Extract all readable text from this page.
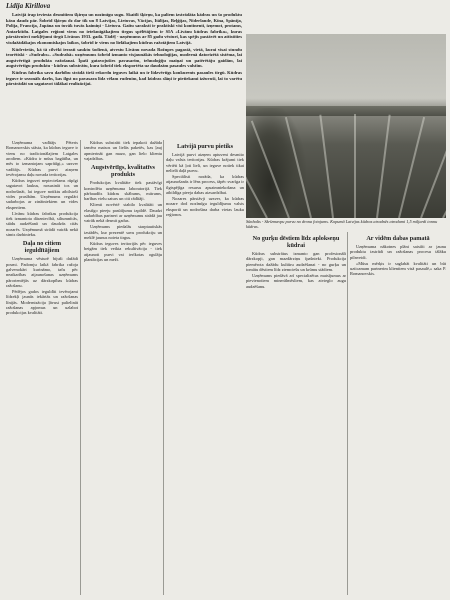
Lidija Kirillova

Latvijā irap ieviesta desmitiem šķirņu un nozīmīgu sugu. Skaitlī šķirņu, ka paliem izstrādāta kādras un šo produktu kāsu daudz pār. Šobrīd šķirņu dz dar tik un 8 Latvijas, Lietuvas, Vācijas, Itālijas, Beļģijas, Nīderlande, Kīna, Spānija, Polija, Francija, Japāna un tuvāk tuvās kaimiņi - Lietuva. Gaitu saraksti ir praktiski visi kontinenti, izņemot, protams, Antarktīdu. Latgales reģioni viens no ietekmīgākajiem tirgus spēlētājiem ir SIA «Līvānu kūdras fabrika», kuras pārstāvniecī mekļējumi tirgū Līvānos 1933. gadā. Tādēļ - uzņēmums ar 85 gadu vēsturi, kas spējis pastāvēt un attīstīties visdažādākajos ekonomiskajos laikos, šobrīd ir viens no lielākajiem kūdras ražotājiem Latvijā.

Kūdrvietās, kā tā cilvēki ierasti sauktu šodienā, atvestu Līvānu novada Rožupes pagastā, vietā, kurai visai stundu teorētiski - «Sudrabs». «Sudrabā» uzņēmums šobrīd izmanto visjaunākās tehnoloģijas, modernā datorizētā sistēma, lai augstvērtīgā produkta ražošanai. Īpaši gatavojušies pavasarim, tehnoloģiju maiņai un patērētāju gaidām, lai augstvērtīgu produktu - kūdras substrātu, kura šobrīd tiek eksportēta uz daudzām pasaules valstīm.

Kūdras fabrika savu darbību strādā tieši rekordu ieguves laikā un ir līdzvērtīgs konkurents pasaules tirgū. Kūdras ieguve ir sezonāls darbs, kas ilgst no pavasara līdz vēlam rudenim, kad kūdras slāņi ir pietiekami izžuvuši, lai to varētu pārstrādāt un sagatavot tālākai realizācijai.

Sūnbalts - Skrīzmavpu purvu no drona fotojums. Kopumā Latvijas kūdras atradnēs atrodami 1,5 miljardi tonnu kūdras.

Uzņēmuma vadītājs Pēteris Romanovskis stāsta, ka kūdras ieguve ir viens no tradicionālajiem Latgales arodiem. «Kūdra ir mūsu bagātība, un mēs to izmantojam saprātīgi,» uzsver vadītājs. Kūdras purvi aizņem ievērojamu daļu novada teritorijas.

Kūdras ieguvei nepieciešams rūpīgi sagatavot laukus, nosusināt tos un nodrošināt, lai ieguve notiktu atbilstoši vides prasībām. Uzņēmums regulāri sadarbojas ar zinātniekiem un vides ekspertiem.

Līvānu kūdras fabrikas produkcija tiek izmantota dārzniecībā, siltumnīcās, stādu audzēšanā un daudzās citās nozarēs. Uzņēmumā strādā vairāk nekā simts darbinieku.

Daļa no citiem ieguldītājiem

Uzņēmuma vēsturē bijuši dažādi posmi. Padomju laikā fabrika ražoja galvenokārt kurināmo, taču pēc neatkarības atjaunošanas uzņēmums pārorientējās uz dārzkopības kūdras ražošanu.

Pēdējos gados ieguldīti ievērojami līdzekļi jaunās iekārtās un ražošanas līnijās. Modernizācija ļāvusi palielināt ražošanas apjomus un uzlabot produkcijas kvalitāti.

Kūdras substrāti tiek iepakoti dažāda izmēra maisos un lielās paketēs, kas ļauj apmierināt gan mazo, gan lielo klientu vajadzības.

Augstvērtīgs, kvalitatīvs produkts

Produkcijas kvalitāte tiek pastāvīgi kontrolēta uzņēmuma laboratorijā. Tiek pārbaudīts kūdras skābums, mitrums, barības vielu saturs un citi rādītāji.

Klienti novērtē stabilo kvalitāti un elastīgo pieeju pasūtījumu izpildē. Daudzi sadarbības partneri ar uzņēmumu strādā jau vairāk nekā desmit gadus.

Uzņēmums piedalās starptautiskās izstādēs, kur prezentē savu produkciju un meklē jaunus noieta tirgus.

Kūdras ieguves teritorijās pēc ieguves beigām tiek veikta rekultivācija - tiek atjaunoti purvi vai ierīkotas ogulāju plantācijas un meži.

Latvijā purvu pietiks

Latvijā purvi aizņem aptuveni desmito daļu valsts teritorijas. Kūdras krājumi tiek vērtēti kā ļoti lieli, un ieguve notiek tikai nelielā daļā purvu.

Speciālisti norāda, ka kūdras atjaunošanās ir lēns process, tāpēc svarīga ir ilgtspējīga resursu apsaimniekošana un atbildīga pieeja dabas aizsardzībai.

Nozares pārstāvji uzsver, ka kūdras nozare dod nozīmīgu ieguldījumu valsts eksportā un nodrošina darba vietas lauku reģionos.

No gurķu dēstiem līdz aplokseņu kūdrai

Kūdras substrātus izmanto gan profesionāli dārzkopji, gan mazdārziņu īpašnieki. Produkcija piemērota dažādu kultūru audzēšanai - no gurķu un tomātu dēstiem līdz ziemciešu un krūmu stādiem.

Uzņēmums piedāvā arī specializētus maisījumus ar pievienotiem minerālmēsliem, kas atvieglo augu audzēšanu.

Ar vidēm dabas pamatā

Uzņēmuma nākotnes plāni saistīti ar jaunu produktu izstrādi un ražošanas procesu tālāku pilnveidi.

«Mūsu mērķis ir saglabāt kvalitāti un būt uzticamam partnerim klientiem visā pasaulē,» saka P. Romanovskis.
